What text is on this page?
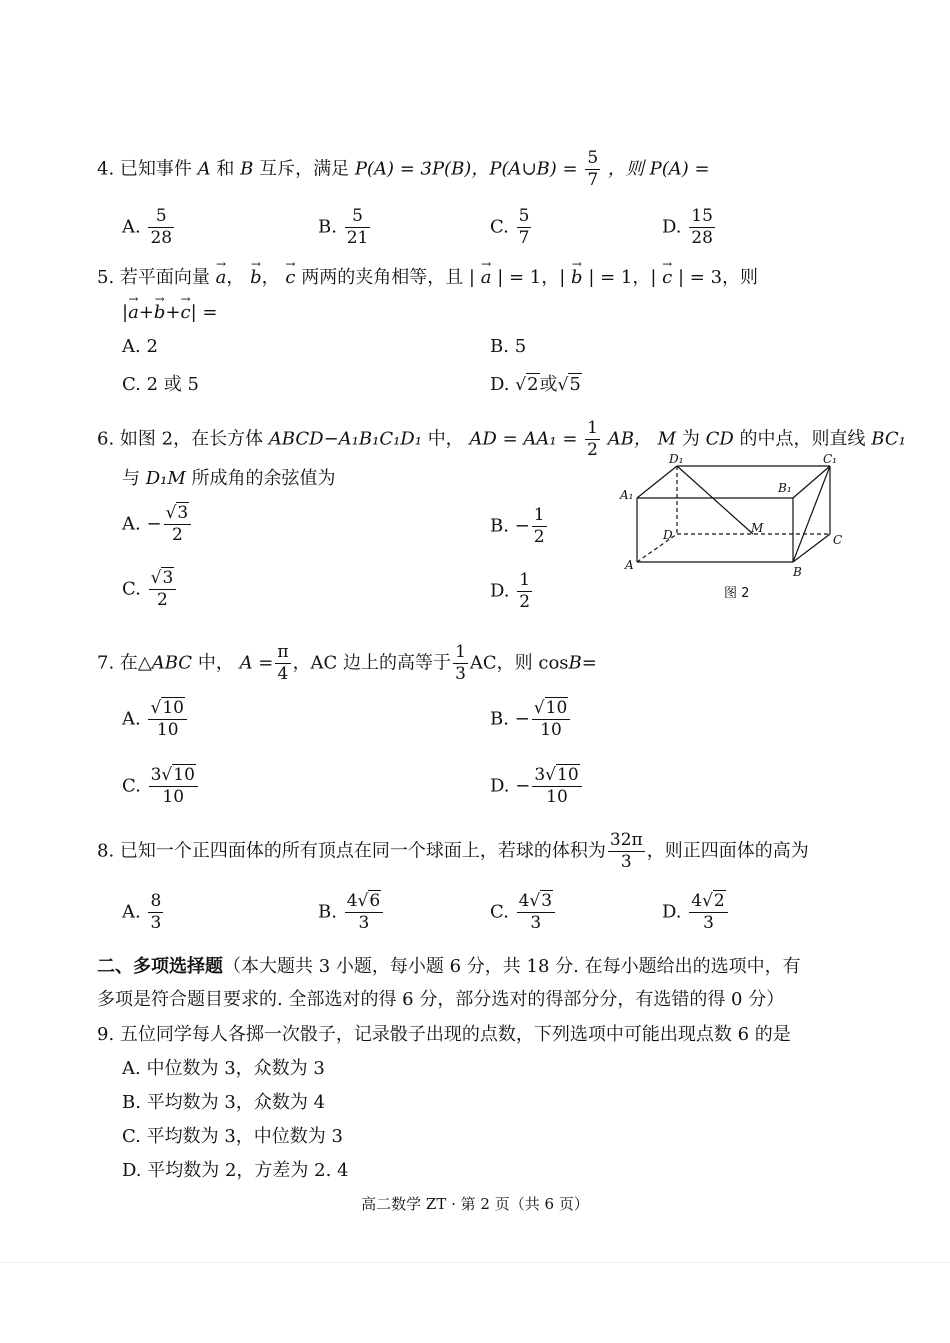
4. 已知事件 A 和 B 互斥，满足 P(A) = 3P(B)，P(A∪B) = $\frac{5}{7}$ ，则 P(A) =
A. $\frac{5}{28}$	B. $\frac{5}{21}$	C. $\frac{5}{7}$	D. $\frac{15}{28}$
5. 若平面向量 → a， → b， → c 两两的夹角相等，且 | → a | = 1，| → b | = 1，| → c | = 3，则
|→ a+→ b+→ c| =
A. 2	B. 5
C. 2 或 5	D. √2或√5
6. 如图 2，在长方体 ABCD−A₁B₁C₁D₁ 中， AD = $AA_1 = \frac{1}{2}$ AB， M 为 CD 的中点，则直线 BC₁
与 D₁M 所成角的余弦值为
A. − $\frac{√3}{2}$	B. − $\frac{1}{2}$
C. $\frac{√3}{2}$	D. $\frac{1}{2}$
D₁	C₁
A₁	B₁
D	M
C
A	B
图 2
7. 在△ABC 中， $A = \frac{\pi}{4}$ ，AC 边上的高等于 $\frac{1}{3}$ AC，则 cosB=
A. $\frac{√10}{10}$	B. − $\frac{√10}{10}$
C. $\frac{3√10}{10}$	D. − $\frac{3√10}{10}$
8. 已知一个正四面体的所有顶点在同一个球面上，若球的体积为 $\frac{32\pi}{3}$ ，则正四面体的高为
A. $\frac{8}{3}$	B. $\frac{4√6}{3}$	C. $\frac{4√3}{3}$	D. $\frac{4√2}{3}$
二、多项选择题（本大题共 3 小题，每小题 6 分，共 18 分. 在每小题给出的选项中，有
多项是符合题目要求的. 全部选对的得 6 分，部分选对的得部分分，有选错的得 0 分）
9. 五位同学每人各掷一次骰子，记录骰子出现的点数，下列选项中可能出现点数 6 的是
A. 中位数为 3，众数为 3
B. 平均数为 3，众数为 4
C. 平均数为 3，中位数为 3
D. 平均数为 2，方差为 2. 4
高二数学 ZT · 第 2 页（共 6 页）
